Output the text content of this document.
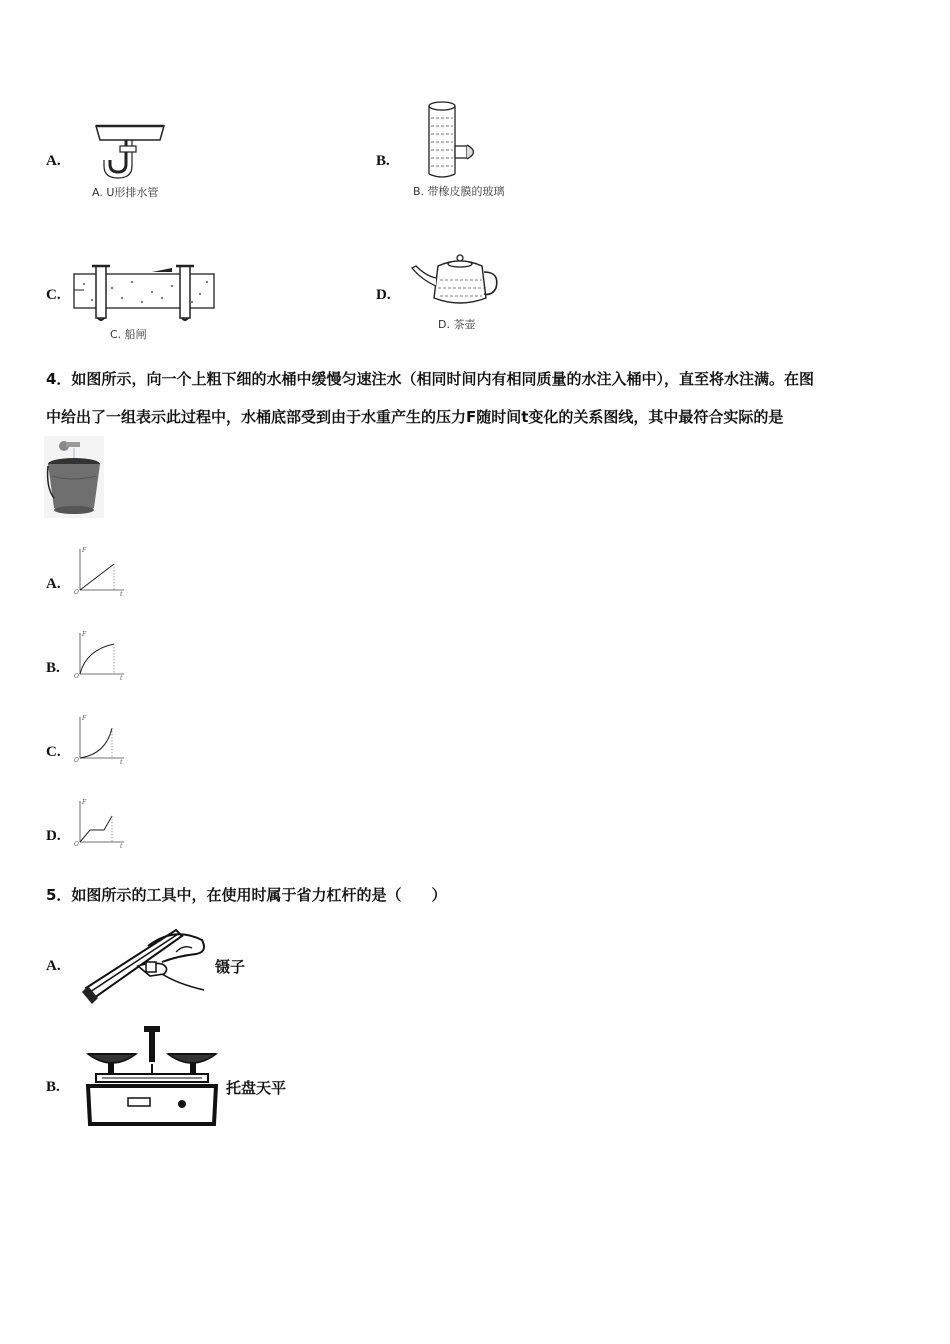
A.
A. U形排水管
B.
B. 带橡皮膜的玻璃
C.
C. 船闸
D.
D. 茶壶
4．如图所示，向一个上粗下细的水桶中缓慢匀速注水（相同时间内有相同质量的水注入桶中），直至将水注满。在图
中给出了一组表示此过程中，水桶底部受到由于水重产生的压力F随时间t变化的关系图线，其中最符合实际的是
A.
F
t
O
B.
F
t
O
C.
F
t
O
D.
F
t
O
5．如图所示的工具中，在使用时属于省力杠杆的是（　　）
A.	镊子
B.	托盘天平
